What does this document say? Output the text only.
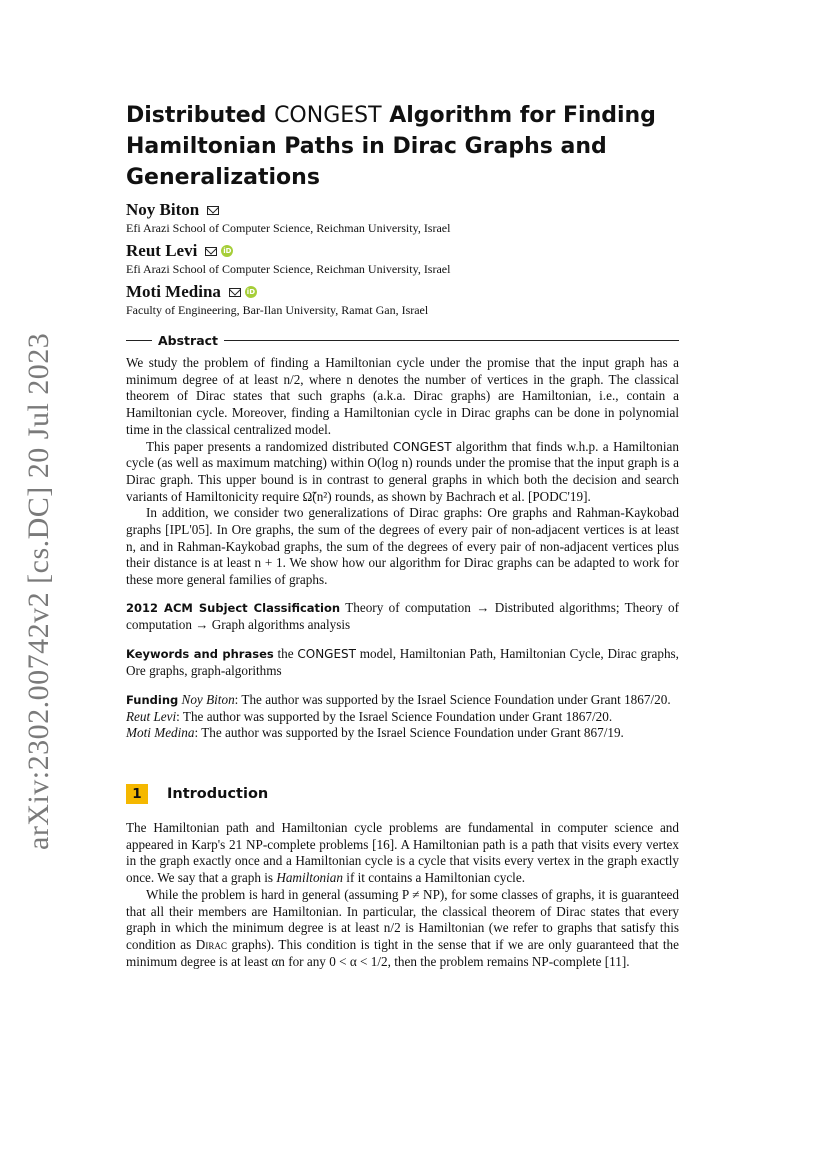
arXiv:2302.00742v2 [cs.DC] 20 Jul 2023
Distributed CONGEST Algorithm for Finding Hamiltonian Paths in Dirac Graphs and Generalizations
Noy Biton
Efi Arazi School of Computer Science, Reichman University, Israel
Reut Levi	iD
Efi Arazi School of Computer Science, Reichman University, Israel
Moti Medina	iD
Faculty of Engineering, Bar-Ilan University, Ramat Gan, Israel
Abstract

We study the problem of finding a Hamiltonian cycle under the promise that the input graph has a minimum degree of at least n/2, where n denotes the number of vertices in the graph. The classical theorem of Dirac states that such graphs (a.k.a. Dirac graphs) are Hamiltonian, i.e., contain a Hamiltonian cycle. Moreover, finding a Hamiltonian cycle in Dirac graphs can be done in polynomial time in the classical centralized model.

This paper presents a randomized distributed CONGEST algorithm that finds w.h.p. a Hamiltonian cycle (as well as maximum matching) within O(log n) rounds under the promise that the input graph is a Dirac graph. This upper bound is in contrast to general graphs in which both the decision and search variants of Hamiltonicity require Ω̃(n²) rounds, as shown by Bachrach et al. [PODC'19].

In addition, we consider two generalizations of Dirac graphs: Ore graphs and Rahman-Kaykobad graphs [IPL'05]. In Ore graphs, the sum of the degrees of every pair of non-adjacent vertices is at least n, and in Rahman-Kaykobad graphs, the sum of the degrees of every pair of non-adjacent vertices plus their distance is at least n + 1. We show how our algorithm for Dirac graphs can be adapted to work for these more general families of graphs.

2012 ACM Subject Classification Theory of computation → Distributed algorithms; Theory of computation → Graph algorithms analysis

Keywords and phrases the CONGEST model, Hamiltonian Path, Hamiltonian Cycle, Dirac graphs, Ore graphs, graph-algorithms

Funding Noy Biton: The author was supported by the Israel Science Foundation under Grant 1867/20.

Reut Levi: The author was supported by the Israel Science Foundation under Grant 1867/20.

Moti Medina: The author was supported by the Israel Science Foundation under Grant 867/19.

1	Introduction

The Hamiltonian path and Hamiltonian cycle problems are fundamental in computer science and appeared in Karp's 21 NP-complete problems [16]. A Hamiltonian path is a path that visits every vertex in the graph exactly once and a Hamiltonian cycle is a cycle that visits every vertex in the graph exactly once. We say that a graph is Hamiltonian if it contains a Hamiltonian cycle.

While the problem is hard in general (assuming P ≠ NP), for some classes of graphs, it is guaranteed that all their members are Hamiltonian. In particular, the classical theorem of Dirac states that every graph in which the minimum degree is at least n/2 is Hamiltonian (we refer to graphs that satisfy this condition as Dirac graphs). This condition is tight in the sense that if we are only guaranteed that the minimum degree is at least αn for any 0 < α < 1/2, then the problem remains NP-complete [11].
